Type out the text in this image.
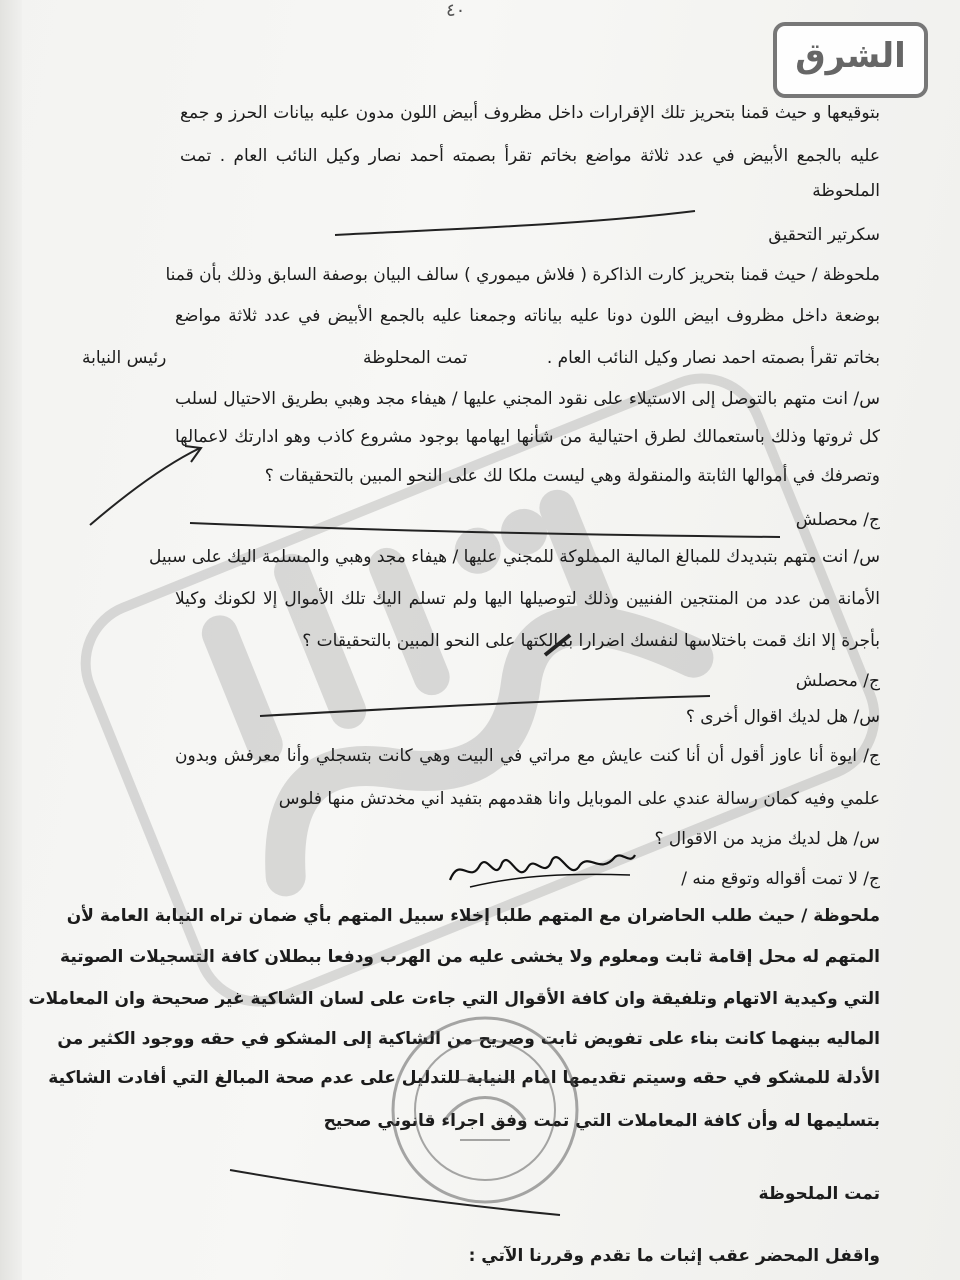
الشرق
٤٠
بتوقيعها و حيث قمنا بتحريز تلك الإقرارات داخل مظروف أبيض اللون مدون عليه بيانات الحرز و جمع
عليه بالجمع الأبيض في عدد ثلاثة مواضع بخاتم تقرأ بصمته أحمد نصار وكيل النائب العام . تمت
الملحوظة
سكرتير التحقيق
ملحوظة / حيث قمنا بتحريز كارت الذاكرة ( فلاش ميموري ) سالف البيان بوصفة السابق وذلك بأن قمنا
بوضعة داخل مظروف ابيض اللون دونا عليه بياناته وجمعنا عليه بالجمع الأبيض في عدد ثلاثة مواضع
بخاتم تقرأ بصمته احمد نصار وكيل النائب العام .
تمت المحلوظة
رئيس النيابة
س/ انت متهم بالتوصل إلى الاستيلاء على نقود المجني عليها / هيفاء مجد وهبي بطريق الاحتيال لسلب
كل ثروتها وذلك باستعمالك لطرق احتيالية من شأنها ايهامها بوجود مشروع كاذب وهو ادارتك لاعمالها
وتصرفك في أموالها الثابتة والمنقولة وهي ليست ملكا لك على النحو المبين بالتحقيقات ؟
ج/ محصلش
س/ انت متهم بتبديدك للمبالغ المالية المملوكة للمجني عليها / هيفاء مجد وهبي والمسلمة اليك على سبيل
الأمانة من عدد من المنتجين الفنيين وذلك لتوصيلها اليها ولم تسلم اليك تلك الأموال إلا لكونك وكيلا
بأجرة إلا انك قمت باختلاسها لنفسك اضرارا بمالكتها على النحو المبين بالتحقيقات ؟
ج/ محصلش
س/ هل لديك اقوال أخرى ؟
ج/ ايوة أنا عاوز أقول أن أنا كنت عايش مع مراتي في البيت وهي كانت بتسجلي وأنا معرفش وبدون
علمي وفيه كمان رسالة عندي على الموبايل وانا هقدمهم بتفيد اني مخدتش منها فلوس
س/ هل لديك مزيد من الاقوال ؟
ج/ لا تمت أقواله وتوقع منه /
ملحوظة / حيث طلب الحاضران مع المتهم طلبا إخلاء سبيل المتهم بأي ضمان تراه النيابة العامة لأن
المتهم له محل إقامة ثابت ومعلوم ولا يخشى عليه من الهرب ودفعا ببطلان كافة التسجيلات الصوتية
التي وكيدية الاتهام وتلفيقة وان كافة الأقوال التي جاءت على لسان الشاكية غير صحيحة وان المعاملات
الماليه بينهما كانت بناء على تفويض ثابت وصريح من الشاكية إلى المشكو في حقه ووجود الكثير من
الأدلة للمشكو في حقه وسيتم تقديمها امام النيابة للتدليل على عدم صحة المبالغ التي أفادت الشاكية
بتسليمها له وأن كافة المعاملات التي تمت وفق اجراء قانوني صحيح
تمت الملحوظة
واقفل المحضر عقب إثبات ما تقدم وقررنا الآتي :
